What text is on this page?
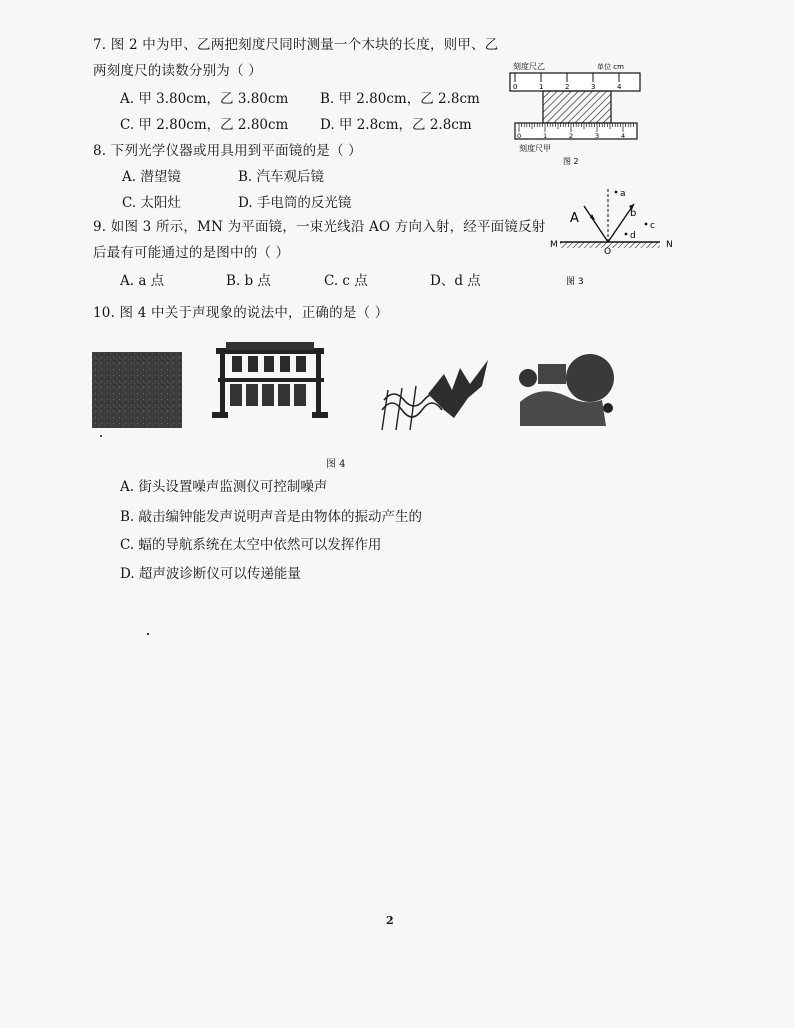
7. 图 2 中为甲、乙两把刻度尺同时测量一个木块的长度，则甲、乙
两刻度尺的读数分别为（ ）
A. 甲 3.80cm，乙 3.80cm B. 甲 2.80cm，乙 2.8cm
C. 甲 2.80cm，乙 2.80cm D. 甲 2.8cm，乙 2.8cm
刻度尺乙	单位 cm
0	1	2	3	4
0	1	2	3	4
刻度尺甲
图 2
8. 下列光学仪器或用具用到平面镜的是（ ）
A. 潜望镜	B. 汽车观后镜
C. 太阳灶	D. 手电筒的反光镜
9. 如图 3 所示，MN 为平面镜，一束光线沿 AO 方向入射，经平面镜反射
后最有可能通过的是图中的（ ）
A. a 点	B. b 点	C. c 点	D、d 点
M	N
O
A
a
b
c
d
图 3
10. 图 4 中关于声现象的说法中，正确的是（ ）
图 4
A. 街头设置噪声监测仪可控制噪声
B. 敲击编钟能发声说明声音是由物体的振动产生的
C. 蝠的导航系统在太空中依然可以发挥作用
D. 超声波诊断仪可以传递能量
2
